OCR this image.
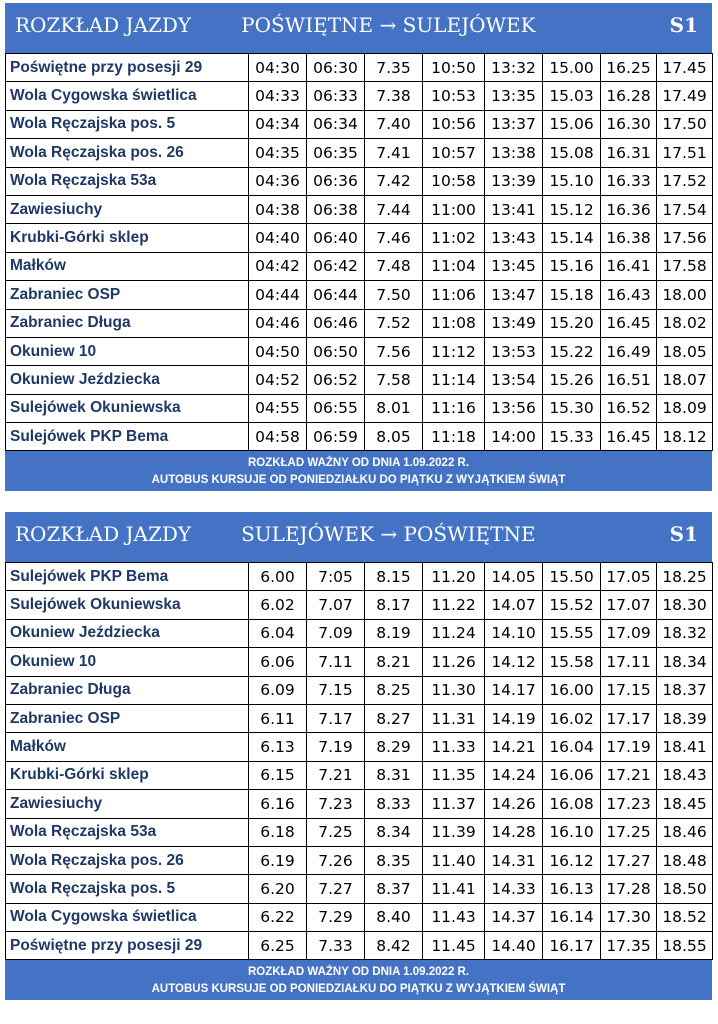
ROZKŁAD JAZDY	POŚWIĘTNE → SULEJÓWEK	S1
Poświętne przy posesji 29	04:30	06:30	7.35	10:50	13:32	15.00	16.25	17.45
Wola Cygowska świetlica	04:33	06:33	7.38	10:53	13:35	15.03	16.28	17.49
Wola Ręczajska pos. 5	04:34	06:34	7.40	10:56	13:37	15.06	16.30	17.50
Wola Ręczajska pos. 26	04:35	06:35	7.41	10:57	13:38	15.08	16.31	17.51
Wola Ręczajska 53a	04:36	06:36	7.42	10:58	13:39	15.10	16.33	17.52
Zawiesiuchy	04:38	06:38	7.44	11:00	13:41	15.12	16.36	17.54
Krubki-Górki sklep	04:40	06:40	7.46	11:02	13:43	15.14	16.38	17.56
Małków	04:42	06:42	7.48	11:04	13:45	15.16	16.41	17.58
Zabraniec OSP	04:44	06:44	7.50	11:06	13:47	15.18	16.43	18.00
Zabraniec Długa	04:46	06:46	7.52	11:08	13:49	15.20	16.45	18.02
Okuniew 10	04:50	06:50	7.56	11:12	13:53	15.22	16.49	18.05
Okuniew Jeździecka	04:52	06:52	7.58	11:14	13:54	15.26	16.51	18.07
Sulejówek Okuniewska	04:55	06:55	8.01	11:16	13:56	15.30	16.52	18.09
Sulejówek PKP Bema	04:58	06:59	8.05	11:18	14:00	15.33	16.45	18.12
ROZKŁAD WAŻNY OD DNIA 1.09.2022 R.
AUTOBUS KURSUJE OD PONIEDZIAŁKU DO PIĄTKU Z WYJĄTKIEM ŚWIĄT
ROZKŁAD JAZDY	SULEJÓWEK → POŚWIĘTNE	S1
Sulejówek PKP Bema	6.00	7:05	8.15	11.20	14.05	15.50	17.05	18.25
Sulejówek Okuniewska	6.02	7.07	8.17	11.22	14.07	15.52	17.07	18.30
Okuniew Jeździecka	6.04	7.09	8.19	11.24	14.10	15.55	17.09	18.32
Okuniew 10	6.06	7.11	8.21	11.26	14.12	15.58	17.11	18.34
Zabraniec Długa	6.09	7.15	8.25	11.30	14.17	16.00	17.15	18.37
Zabraniec OSP	6.11	7.17	8.27	11.31	14.19	16.02	17.17	18.39
Małków	6.13	7.19	8.29	11.33	14.21	16.04	17.19	18.41
Krubki-Górki sklep	6.15	7.21	8.31	11.35	14.24	16.06	17.21	18.43
Zawiesiuchy	6.16	7.23	8.33	11.37	14.26	16.08	17.23	18.45
Wola Ręczajska 53a	6.18	7.25	8.34	11.39	14.28	16.10	17.25	18.46
Wola Ręczajska pos. 26	6.19	7.26	8.35	11.40	14.31	16.12	17.27	18.48
Wola Ręczajska pos. 5	6.20	7.27	8.37	11.41	14.33	16.13	17.28	18.50
Wola Cygowska świetlica	6.22	7.29	8.40	11.43	14.37	16.14	17.30	18.52
Poświętne przy posesji 29	6.25	7.33	8.42	11.45	14.40	16.17	17.35	18.55
ROZKŁAD WAŻNY OD DNIA 1.09.2022 R.
AUTOBUS KURSUJE OD PONIEDZIAŁKU DO PIĄTKU Z WYJĄTKIEM ŚWIĄT
